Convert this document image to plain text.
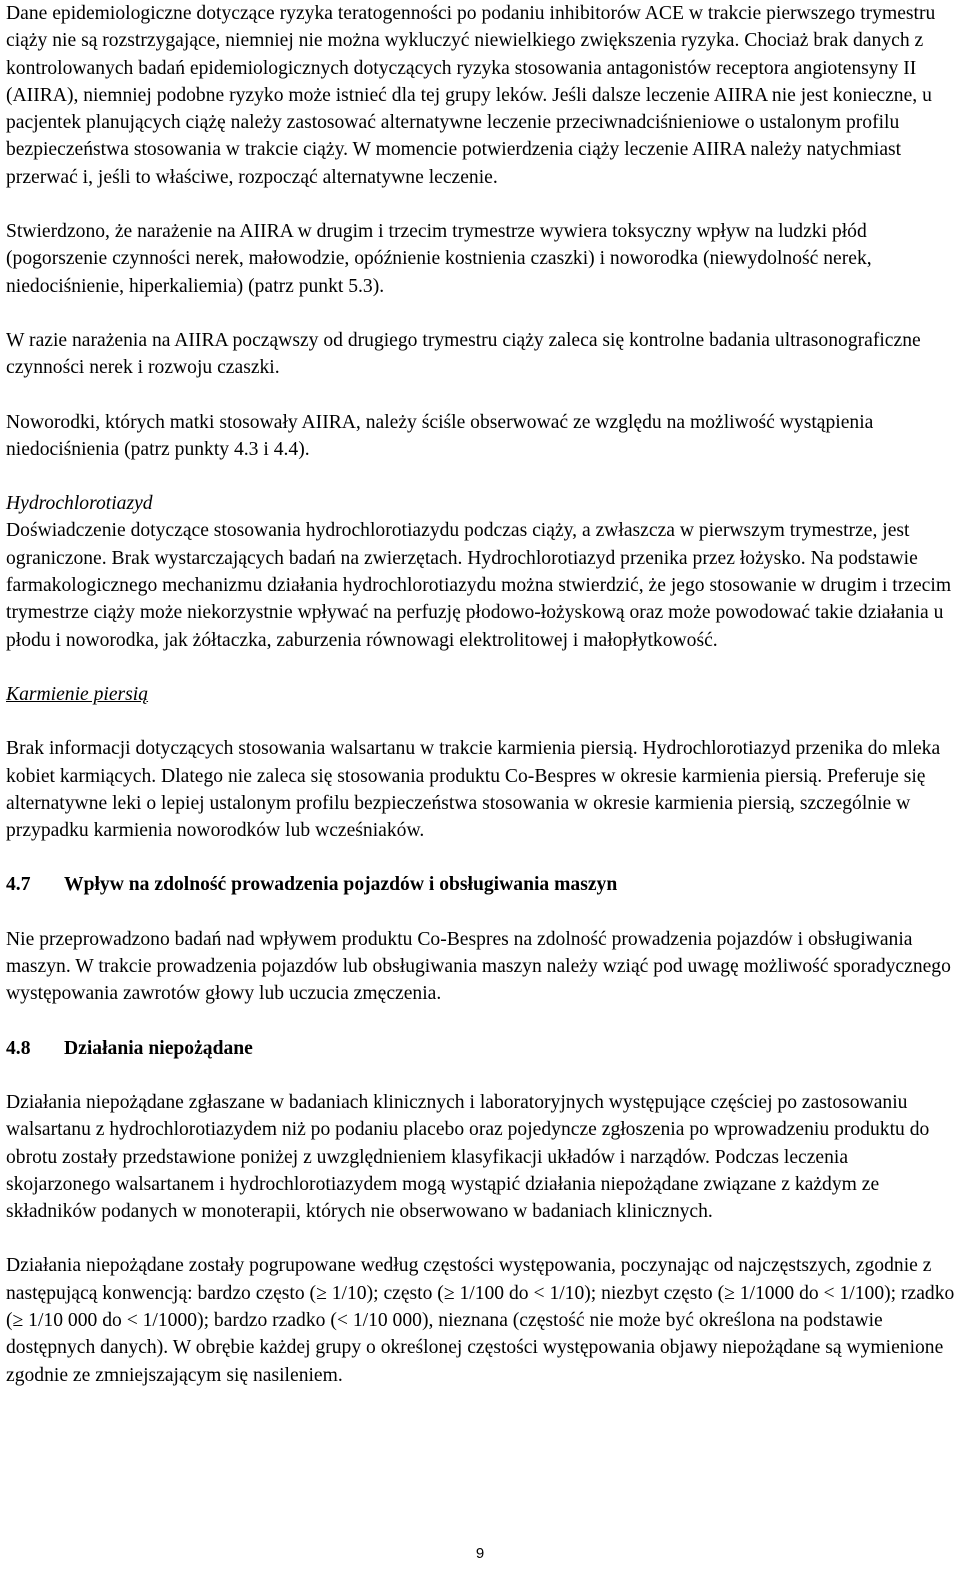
Dane epidemiologiczne dotyczące ryzyka teratogenności po podaniu inhibitorów ACE w trakcie pierwszego trymestru ciąży nie są rozstrzygające, niemniej nie można wykluczyć niewielkiego zwiększenia ryzyka. Chociaż brak danych z kontrolowanych badań epidemiologicznych dotyczących ryzyka stosowania antagonistów receptora angiotensyny II (AIIRA), niemniej podobne ryzyko może istnieć dla tej grupy leków. Jeśli dalsze leczenie AIIRA nie jest konieczne, u pacjentek planujących ciążę należy zastosować alternatywne leczenie przeciwnadciśnieniowe o ustalonym profilu bezpieczeństwa stosowania w trakcie ciąży. W momencie potwierdzenia ciąży leczenie AIIRA należy natychmiast przerwać i, jeśli to właściwe, rozpocząć alternatywne leczenie.

Stwierdzono, że narażenie na AIIRA w drugim i trzecim trymestrze wywiera toksyczny wpływ na ludzki płód (pogorszenie czynności nerek, małowodzie, opóźnienie kostnienia czaszki) i noworodka (niewydolność nerek, niedociśnienie, hiperkaliemia) (patrz punkt 5.3).

W razie narażenia na AIIRA począwszy od drugiego trymestru ciąży zaleca się kontrolne badania ultrasonograficzne czynności nerek i rozwoju czaszki.

Noworodki, których matki stosowały AIIRA, należy ściśle obserwować ze względu na możliwość wystąpienia niedociśnienia (patrz punkty 4.3 i 4.4).

Hydrochlorotiazyd

Doświadczenie dotyczące stosowania hydrochlorotiazydu podczas ciąży, a zwłaszcza w pierwszym trymestrze, jest ograniczone. Brak wystarczających badań na zwierzętach. Hydrochlorotiazyd przenika przez łożysko. Na podstawie farmakologicznego mechanizmu działania hydrochlorotiazydu można stwierdzić, że jego stosowanie w drugim i trzecim trymestrze ciąży może niekorzystnie wpływać na perfuzję płodowo-łożyskową oraz może powodować takie działania u płodu i noworodka, jak żółtaczka, zaburzenia równowagi elektrolitowej i małopłytkowość.

Karmienie piersią

Brak informacji dotyczących stosowania walsartanu w trakcie karmienia piersią. Hydrochlorotiazyd przenika do mleka kobiet karmiących. Dlatego nie zaleca się stosowania produktu Co-Bespres w okresie karmienia piersią. Preferuje się alternatywne leki o lepiej ustalonym profilu bezpieczeństwa stosowania w okresie karmienia piersią, szczególnie w przypadku karmienia noworodków lub wcześniaków.

4.7	Wpływ na zdolność prowadzenia pojazdów i obsługiwania maszyn

Nie przeprowadzono badań nad wpływem produktu Co-Bespres na zdolność prowadzenia pojazdów i obsługiwania maszyn. W trakcie prowadzenia pojazdów lub obsługiwania maszyn należy wziąć pod uwagę możliwość sporadycznego występowania zawrotów głowy lub uczucia zmęczenia.

4.8	Działania niepożądane

Działania niepożądane zgłaszane w badaniach klinicznych i laboratoryjnych występujące częściej po zastosowaniu walsartanu z hydrochlorotiazydem niż po podaniu placebo oraz pojedyncze zgłoszenia po wprowadzeniu produktu do obrotu zostały przedstawione poniżej z uwzględnieniem klasyfikacji układów i narządów. Podczas leczenia skojarzonego walsartanem i hydrochlorotiazydem mogą wystąpić działania niepożądane związane z każdym ze składników podanych w monoterapii, których nie obserwowano w badaniach klinicznych.

Działania niepożądane zostały pogrupowane według częstości występowania, poczynając od najczęstszych, zgodnie z następującą konwencją: bardzo często (≥ 1/10); często (≥ 1/100 do < 1/10); niezbyt często (≥ 1/1000 do < 1/100); rzadko (≥ 1/10 000 do < 1/1000); bardzo rzadko (< 1/10 000), nieznana (częstość nie może być określona na podstawie dostępnych danych). W obrębie każdej grupy o określonej częstości występowania objawy niepożądane są wymienione zgodnie ze zmniejszającym się nasileniem.

9
